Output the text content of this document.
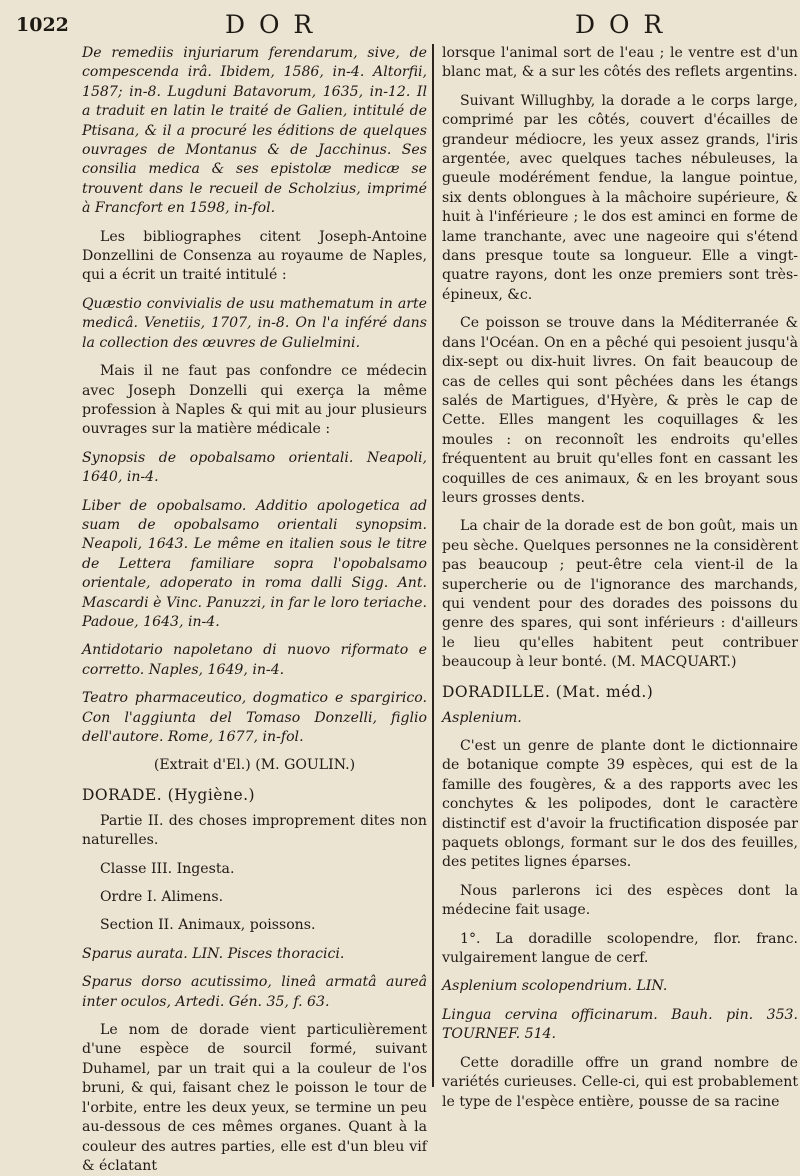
1022	D O R	D O R

De remediis injuriarum ferendarum, sive, de compescenda irâ. Ibidem, 1586, in-4. Altorfii, 1587; in-8. Lugduni Batavorum, 1635, in-12. Il a traduit en latin le traité de Galien, intitulé de Ptisana, & il a procuré les éditions de quelques ouvrages de Montanus & de Jacchinus. Ses consilia medica & ses epistolæ medicæ se trouvent dans le recueil de Scholzius, imprimé à Francfort en 1598, in-fol.

Les bibliographes citent Joseph-Antoine Donzellini de Consenza au royaume de Naples, qui a écrit un traité intitulé :

Quæstio convivialis de usu mathematum in arte medicâ. Venetiis, 1707, in-8. On l'a inféré dans la collection des œuvres de Gulielmini.

Mais il ne faut pas confondre ce médecin avec Joseph Donzelli qui exerça la même profession à Naples & qui mit au jour plusieurs ouvrages sur la matière médicale :

Synopsis de opobalsamo orientali. Neapoli, 1640, in-4.

Liber de opobalsamo. Additio apologetica ad suam de opobalsamo orientali synopsim. Neapoli, 1643. Le même en italien sous le titre de Lettera familiare sopra l'opobalsamo orientale, adoperato in roma dalli Sigg. Ant. Mascardi è Vinc. Panuzzi, in far le loro teriache. Padoue, 1643, in-4.

Antidotario napoletano di nuovo riformato e corretto. Naples, 1649, in-4.

Teatro pharmaceutico, dogmatico e spargirico. Con l'aggiunta del Tomaso Donzelli, figlio dell'autore. Rome, 1677, in-fol.

(Extrait d'El.) (M. GOULIN.)

DORADE. (Hygiène.)

Partie II. des choses improprement dites non naturelles.

Classe III. Ingesta.

Ordre I. Alimens.

Section II. Animaux, poissons.

Sparus aurata. LIN. Pisces thoracici.

Sparus dorso acutissimo, lineâ armatâ aureâ inter oculos, Artedi. Gén. 35, f. 63.

Le nom de dorade vient particulièrement d'une espèce de sourcil formé, suivant Duhamel, par un trait qui a la couleur de l'os bruni, & qui, faisant chez le poisson le tour de l'orbite, entre les deux yeux, se termine un peu au-dessous de ces mêmes organes. Quant à la couleur des autres parties, elle est d'un bleu vif & éclatant

lorsque l'animal sort de l'eau ; le ventre est d'un blanc mat, & a sur les côtés des reflets argentins.

Suivant Willughby, la dorade a le corps large, comprimé par les côtés, couvert d'écailles de grandeur médiocre, les yeux assez grands, l'iris argentée, avec quelques taches nébuleuses, la gueule modérément fendue, la langue pointue, six dents oblongues à la mâchoire supérieure, & huit à l'inférieure ; le dos est aminci en forme de lame tranchante, avec une nageoire qui s'étend dans presque toute sa longueur. Elle a vingt-quatre rayons, dont les onze premiers sont très-épineux, &c.

Ce poisson se trouve dans la Méditerranée & dans l'Océan. On en a pêché qui pesoient jusqu'à dix-sept ou dix-huit livres. On fait beaucoup de cas de celles qui sont pêchées dans les étangs salés de Martigues, d'Hyère, & près le cap de Cette. Elles mangent les coquillages & les moules : on reconnoît les endroits qu'elles fréquentent au bruit qu'elles font en cassant les coquilles de ces animaux, & en les broyant sous leurs grosses dents.

La chair de la dorade est de bon goût, mais un peu sèche. Quelques personnes ne la considèrent pas beaucoup ; peut-être cela vient-il de la supercherie ou de l'ignorance des marchands, qui vendent pour des dorades des poissons du genre des spares, qui sont inférieurs : d'ailleurs le lieu qu'elles habitent peut contribuer beaucoup à leur bonté. (M. MACQUART.)

DORADILLE. (Mat. méd.)

Asplenium.

C'est un genre de plante dont le dictionnaire de botanique compte 39 espèces, qui est de la famille des fougères, & a des rapports avec les conchytes & les polipodes, dont le caractère distinctif est d'avoir la fructification disposée par paquets oblongs, formant sur le dos des feuilles, des petites lignes éparses.

Nous parlerons ici des espèces dont la médecine fait usage.

1°. La doradille scolopendre, flor. franc. vulgairement langue de cerf.

Asplenium scolopendrium. LIN.

Lingua cervina officinarum. Bauh. pin. 353. TOURNEF. 514.

Cette doradille offre un grand nombre de variétés curieuses. Celle-ci, qui est probablement le type de l'espèce entière, pousse de sa racine
